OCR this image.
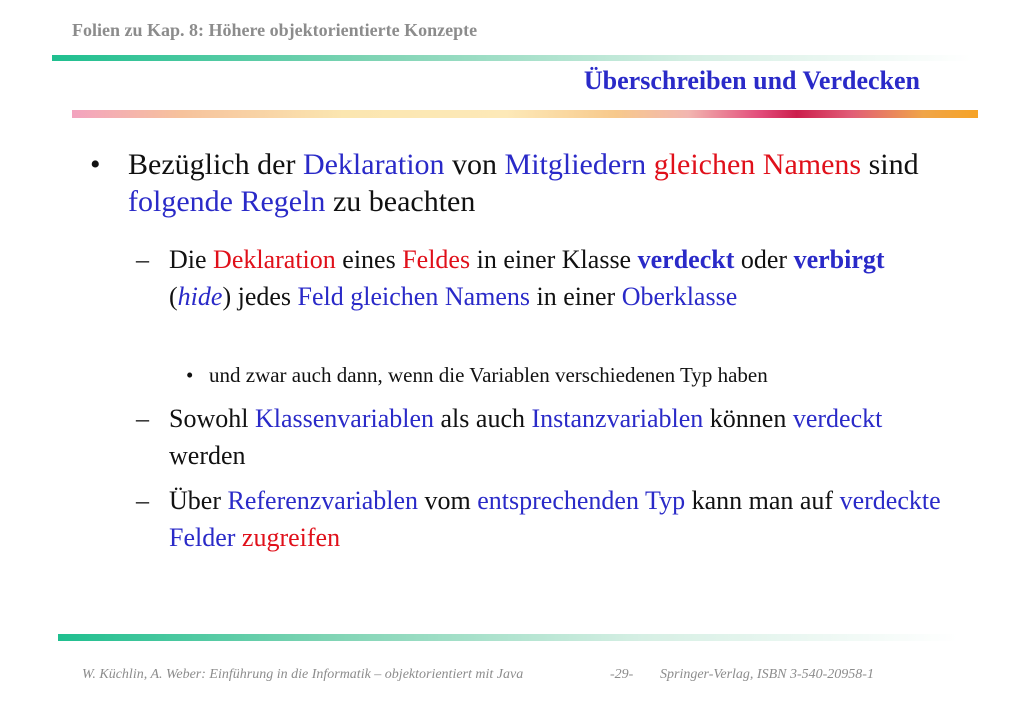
Folien zu Kap. 8: Höhere objektorientierte Konzepte
Überschreiben und Verdecken
• Bezüglich der Deklaration von Mitgliedern gleichen Namens sind folgende Regeln zu beachten
– Die Deklaration eines Feldes in einer Klasse verdeckt oder verbirgt (hide) jedes Feld gleichen Namens in einer Oberklasse
• und zwar auch dann, wenn die Variablen verschiedenen Typ haben
– Sowohl Klassenvariablen als auch Instanzvariablen können verdeckt werden
– Über Referenzvariablen vom entsprechenden Typ kann man auf verdeckte Felder zugreifen
W. Küchlin, A. Weber: Einführung in die Informatik – objektorientiert mit Java	-29- Springer-Verlag, ISBN 3-540-20958-1
